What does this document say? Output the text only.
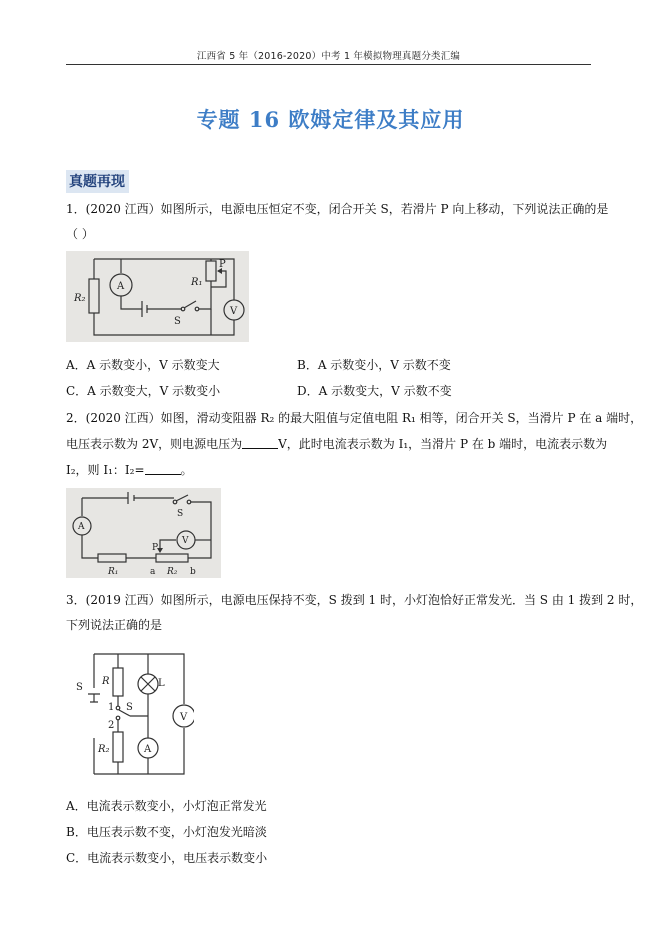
江西省 5 年（2016-2020）中考 1 年模拟物理真题分类汇编
专题 16 欧姆定律及其应用
真题再现
1．(2020 江西）如图所示，电源电压恒定不变，闭合开关 S，若滑片 P 向上移动，下列说法正确的是
（ ）
R₂
A	R₁
P
S
V
A．A 示数变小，V 示数变大	B．A 示数变小，V 示数不变
C．A 示数变大，V 示数变小	D．A 示数变大，V 示数不变
2．(2020 江西）如图，滑动变阻器 R₂ 的最大阻值与定值电阻 R₁ 相等，闭合开关 S，当滑片 P 在 a 端时，
电压表示数为 2V，则电源电压为	V，此时电流表示数为 I₁，当滑片 P 在 b 端时，电流表示数为
I₂，则 I₁：I₂=	。
A
V
S
P
R₁	a R₂ b
3．(2019 江西）如图所示，电源电压保持不变，S 拨到 1 时，小灯泡恰好正常发光．当 S 由 1 拨到 2 时，
下列说法正确的是
S
R	L
1 S
2
R₂	A
V
A．电流表示数变小，小灯泡正常发光
B．电压表示数不变，小灯泡发光暗淡
C．电流表示数变小，电压表示数变小
